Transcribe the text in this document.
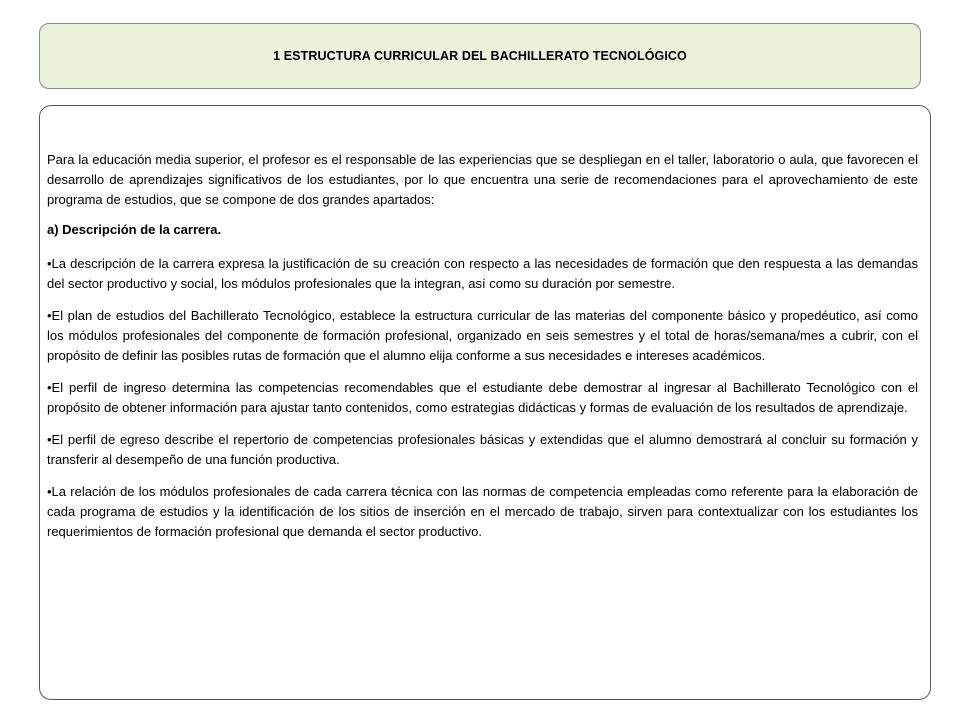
1 ESTRUCTURA CURRICULAR DEL BACHILLERATO TECNOLÓGICO

Para la educación media superior, el profesor es el responsable de las experiencias que se despliegan en el taller, laboratorio o aula, que favorecen el desarrollo de aprendizajes significativos de los estudiantes, por lo que encuentra una serie de recomendaciones para el aprovechamiento de este programa de estudios, que se compone de dos grandes apartados:

a) Descripción de la carrera.

•La descripción de la carrera expresa la justificación de su creación con respecto a las necesidades de formación que den respuesta a las demandas del sector productivo y social, los módulos profesionales que la integran, así como su duración por semestre.

•El plan de estudios del Bachillerato Tecnológico, establece la estructura curricular de las materias del componente básico y propedéutico, así como los módulos profesionales del componente de formación profesional, organizado en seis semestres y el total de horas/semana/mes a cubrir, con el propósito de definir las posibles rutas de formación que el alumno elija conforme a sus necesidades e intereses académicos.

•El perfil de ingreso determina las competencias recomendables que el estudiante debe demostrar al ingresar al Bachillerato Tecnológico con el propósito de obtener información para ajustar tanto contenidos, como estrategias didácticas y formas de evaluación de los resultados de aprendizaje.

•El perfil de egreso describe el repertorio de competencias profesionales básicas y extendidas que el alumno demostrará al concluir su formación y transferir al desempeño de una función productiva.

•La relación de los módulos profesionales de cada carrera técnica con las normas de competencia empleadas como referente para la elaboración de cada programa de estudios y la identificación de los sitios de inserción en el mercado de trabajo, sirven para contextualizar con los estudiantes los requerimientos de formación profesional que demanda el sector productivo.
